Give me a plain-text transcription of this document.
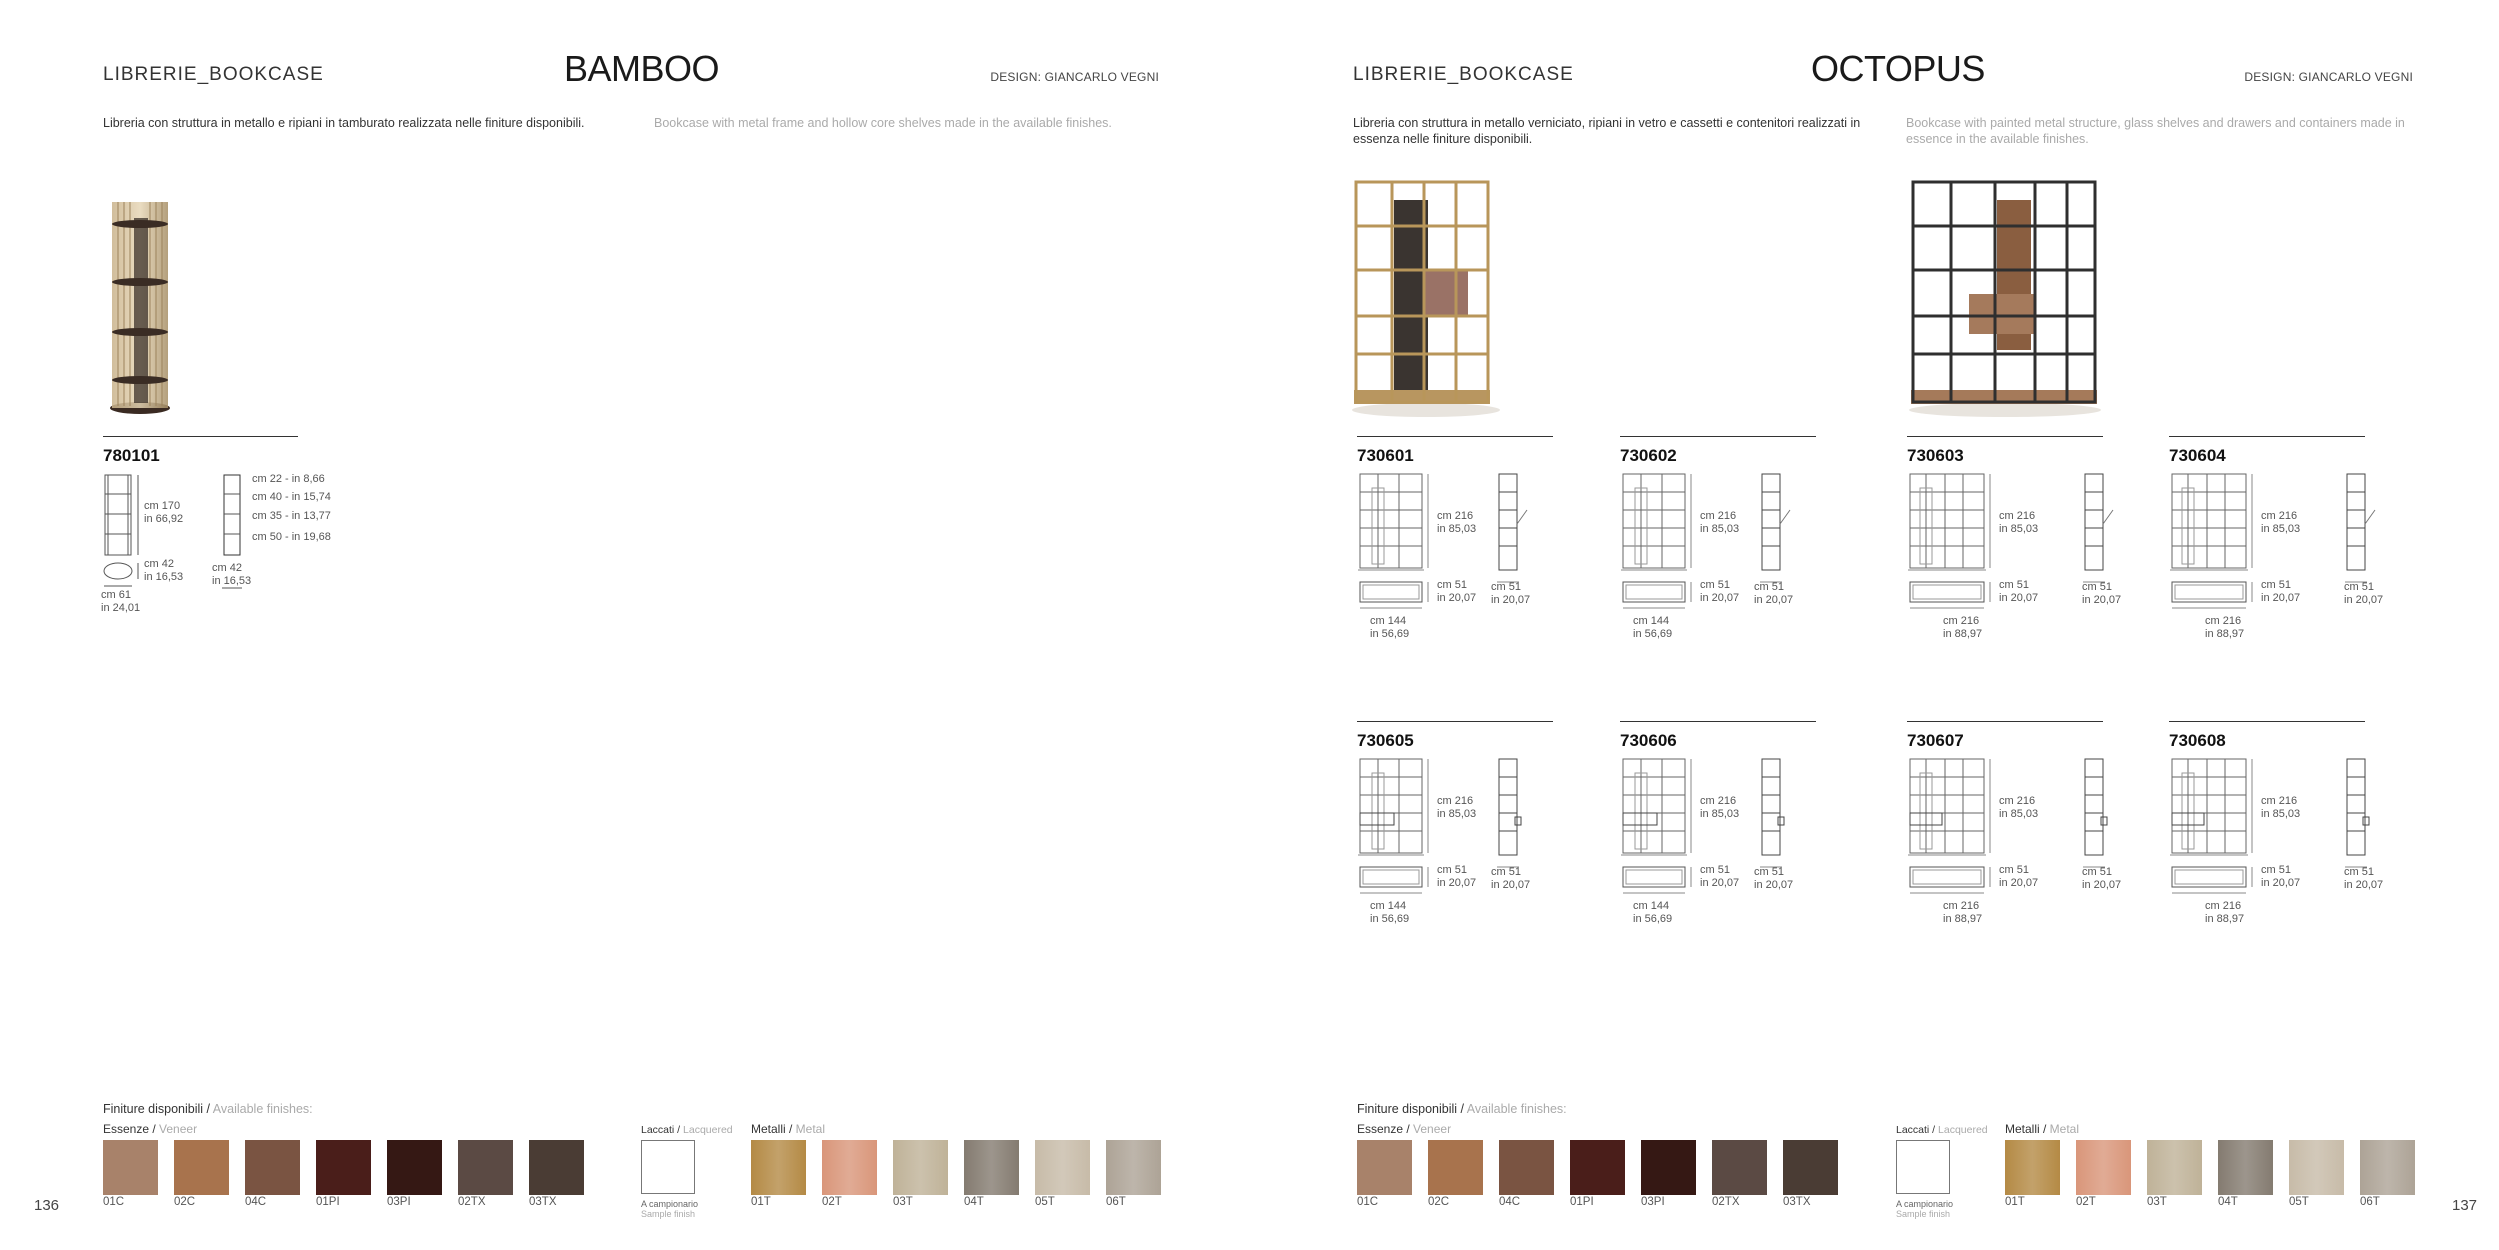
LIBRERIE_BOOKCASE	BAMBOO	DESIGN: GIANCARLO VEGNI
Libreria con struttura in metallo e ripiani in tamburato realizzata nelle finiture disponibili.	Bookcase with metal frame and hollow core shelves made in the available finishes.
780101
cm 170
in 66,92
cm 42
in 16,53
cm 61
in 24,01
cm 42
in 16,53
cm 22 - in 8,66
cm 40 - in 15,74
cm 35 - in 13,77
cm 50 - in 19,68
Finiture disponibili / Available finishes:
Essenze / Veneer	Laccati / Lacquered Metalli / Metal
A campionario
Sample finish
136	01C	02C	04C	01PI	03PI	02TX	03TX	01T	02T	03T	04T	05T	06T
LIBRERIE_BOOKCASE	OCTOPUS	DESIGN: GIANCARLO VEGNI
Libreria con struttura in metallo verniciato, ripiani in vetro e cassetti e contenitori realizzati in essenza nelle finiture disponibili.
Bookcase with painted metal structure, glass shelves and drawers and containers made in essence in the available finishes.
730601
cm 216
in 85,03
cm 51
in 20,07
cm 144
in 56,69
cm 51
in 20,07
730602
cm 216
in 85,03
cm 51
in 20,07
cm 144
in 56,69
cm 51
in 20,07
730603
cm 216
in 85,03
cm 51
in 20,07
cm 216
in 88,97
cm 51
in 20,07
730604
cm 216
in 85,03
cm 51
in 20,07
cm 216
in 88,97
cm 51
in 20,07
730605
cm 216
in 85,03
cm 51
in 20,07
cm 144
in 56,69
cm 51
in 20,07
730606
cm 216
in 85,03
cm 51
in 20,07
cm 144
in 56,69
cm 51
in 20,07
730607
cm 216
in 85,03
cm 51
in 20,07
cm 216
in 88,97
cm 51
in 20,07
730608
cm 216
in 85,03
cm 51
in 20,07
cm 216
in 88,97
cm 51
in 20,07
Finiture disponibili / Available finishes:
Essenze / Veneer	Laccati / Lacquered Metalli / Metal
A campionario
Sample finish	137
01C	02C	04C	01PI	03PI	02TX	03TX	01T	02T	03T	04T	05T	06T
